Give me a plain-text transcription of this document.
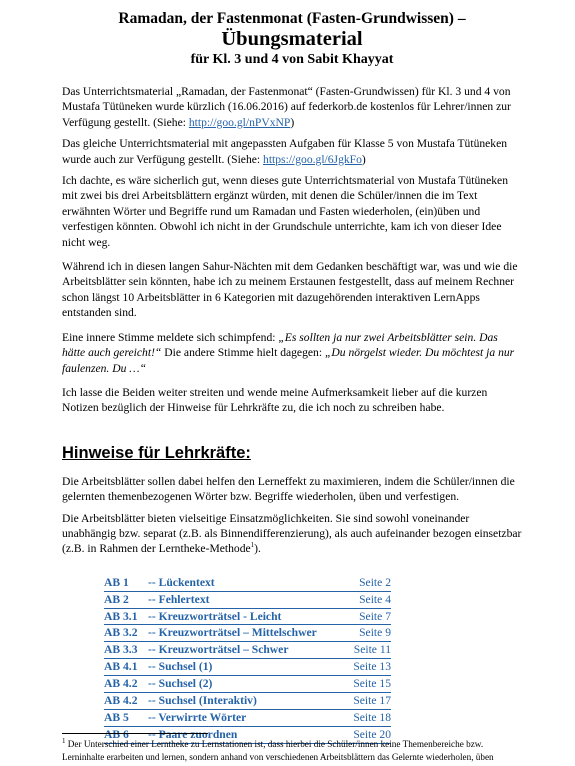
Ramadan, der Fastenmonat (Fasten-Grundwissen) –
Übungsmaterial
für Kl. 3 und 4 von Sabit Khayyat

Das Unterrichtsmaterial „Ramadan, der Fastenmonat“ (Fasten-Grundwissen) für Kl. 3 und 4 von Mustafa Tütüneken wurde kürzlich (16.06.2016) auf federkorb.de kostenlos für Lehrer/innen zur Verfügung gestellt. (Siehe: http://goo.gl/nPVxNP)

Das gleiche Unterrichtsmaterial mit angepassten Aufgaben für Klasse 5 von Mustafa Tütüneken wurde auch zur Verfügung gestellt. (Siehe: https://goo.gl/6JgkFo)

Ich dachte, es wäre sicherlich gut, wenn dieses gute Unterrichtsmaterial von Mustafa Tütüneken mit zwei bis drei Arbeitsblättern ergänzt würden, mit denen die Schüler/innen die im Text erwähnten Wörter und Begriffe rund um Ramadan und Fasten wiederholen, (ein)üben und verfestigen könnten. Obwohl ich nicht in der Grundschule unterrichte, kam ich von dieser Idee nicht weg.

Während ich in diesen langen Sahur-Nächten mit dem Gedanken beschäftigt war, was und wie die Arbeitsblätter sein könnten, habe ich zu meinem Erstaunen festgestellt, dass auf meinem Rechner schon längst 10 Arbeitsblätter in 6 Kategorien mit dazugehörenden interaktiven LernApps entstanden sind.

Eine innere Stimme meldete sich schimpfend: „Es sollten ja nur zwei Arbeitsblätter sein. Das hätte auch gereicht!“ Die andere Stimme hielt dagegen: „Du nörgelst wieder. Du möchtest ja nur faulenzen. Du …“

Ich lasse die Beiden weiter streiten und wende meine Aufmerksamkeit lieber auf die kurzen Notizen bezüglich der Hinweise für Lehrkräfte zu, die ich noch zu schreiben habe.

Hinweise für Lehrkräfte:

Die Arbeitsblätter sollen dabei helfen den Lerneffekt zu maximieren, indem die Schüler/innen die gelernten themenbezogenen Wörter bzw. Begriffe wiederholen, üben und verfestigen.

Die Arbeitsblätter bieten vielseitige Einsatzmöglichkeiten. Sie sind sowohl voneinander unabhängig bzw. separat (z.B. als Binnendifferenzierung), als auch aufeinander bezogen einsetzbar (z.B. in Rahmen der Lerntheke-Methode$^1$).

AB 1 -- Lückentext	Seite 2
AB 2 -- Fehlertext	Seite 4
AB 3.1 -- Kreuzworträtsel - Leicht	Seite 7
AB 3.2 -- Kreuzworträtsel – Mittelschwer	Seite 9
AB 3.3 -- Kreuzworträtsel – Schwer	Seite 11
AB 4.1 -- Suchsel (1)	Seite 13
AB 4.2 -- Suchsel (2)	Seite 15
AB 4.2 -- Suchsel (Interaktiv)	Seite 17
AB 5 -- Verwirrte Wörter	Seite 18
AB 6 -- Paare zuordnen	Seite 20
$^1$ Der Unterschied einer Lerntheke zu Lernstationen ist, dass hierbei die Schüler/innen keine Themenbereiche bzw. Lerninhalte erarbeiten und lernen, sondern anhand von verschiedenen Arbeitsblättern das Gelernte wiederholen, üben
